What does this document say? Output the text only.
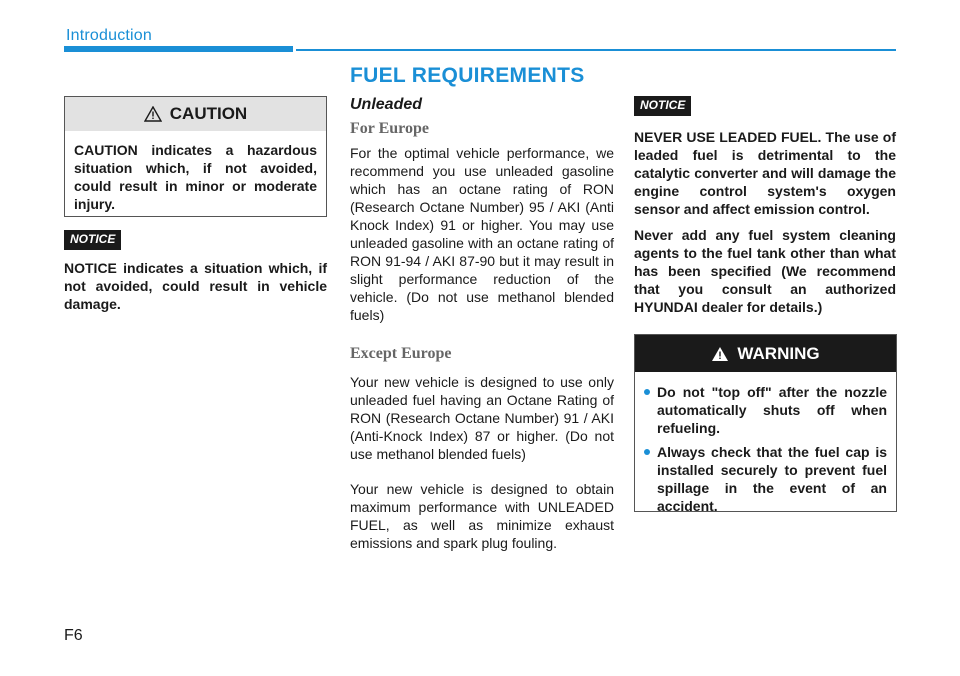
Introduction
FUEL REQUIREMENTS
CAUTION
CAUTION indicates a hazardous situation which, if not avoided, could result in minor or moderate injury.
NOTICE
NOTICE indicates a situation which, if not avoided, could result in vehicle damage.

Unleaded

For Europe

For the optimal vehicle performance, we recommend you use unleaded gasoline which has an octane rating of RON (Research Octane Number) 95 / AKI (Anti Knock Index) 91 or higher. You may use unleaded gasoline with an octane rating of RON 91-94 / AKI 87-90 but it may result in slight performance reduction of the vehicle. (Do not use methanol blended fuels)

Except Europe

Your new vehicle is designed to use only unleaded fuel having an Octane Rating of RON (Research Octane Number) 91 / AKI (Anti-Knock Index) 87 or higher. (Do not use methanol blended fuels)

Your new vehicle is designed to obtain maximum performance with UNLEADED FUEL, as well as minimize exhaust emissions and spark plug fouling.

NOTICE

NEVER USE LEADED FUEL. The use of leaded fuel is detrimental to the catalytic converter and will damage the engine control system's oxygen sensor and affect emission control.

Never add any fuel system cleaning agents to the fuel tank other than what has been specified (We recommend that you consult an authorized HYUNDAI dealer for details.)

WARNING
Do not "top off" after the nozzle automatically shuts off when refueling.
Always check that the fuel cap is installed securely to prevent fuel spillage in the event of an accident.
F6
